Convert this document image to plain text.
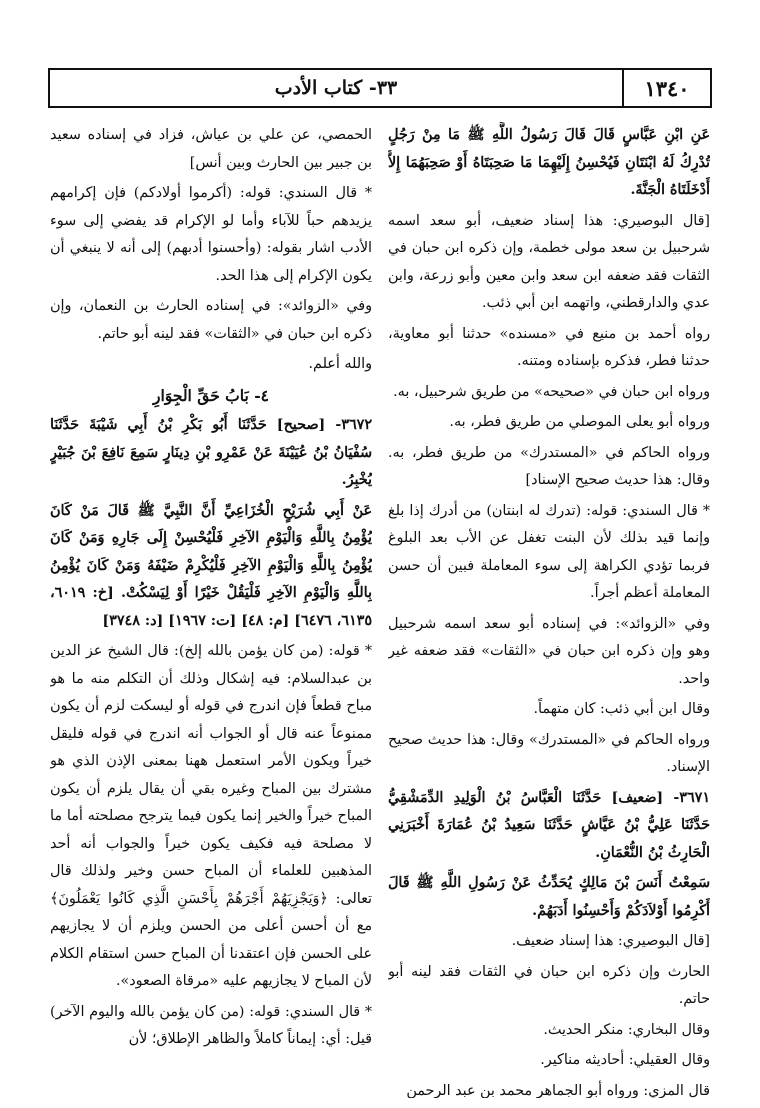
١٣٤٠
٣٣- كتاب الأدب

عَنِ ابْنِ عَبَّاسٍ قَالَ قَالَ رَسُولُ اللَّهِ ﷺ مَا مِنْ رَجُلٍ تُدْرِكُ لَهُ ابْنَتَانِ فَيُحْسِنُ إِلَيْهِمَا مَا صَحِبَتَاهُ أَوْ صَحِبَهُمَا إِلاَّ أَدْخَلَتَاهُ الْجَنَّةَ.

[قال البوصيري: هذا إسناد ضعيف، أبو سعد اسمه شرحبيل بن سعد مولى خطمة، وإن ذكره ابن حبان في الثقات فقد ضعفه ابن سعد وابن معين وأبو زرعة، وابن عدي والدارقطني، واتهمه ابن أبي ذئب.

رواه أحمد بن منيع في «مسنده» حدثنا أبو معاوية، حدثنا فطر، فذكره بإسناده ومتنه.

ورواه ابن حبان في «صحيحه» من طريق شرحبيل، به.

ورواه أبو يعلى الموصلي من طريق فطر، به.

ورواه الحاكم في «المستدرك» من طريق فطر، به. وقال: هذا حديث صحيح الإسناد]

* قال السندي: قوله: (تدرك له ابنتان) من أدرك إذا بلغ وإنما قيد بذلك لأن البنت تغفل عن الأب بعد البلوغ فربما تؤدي الكراهة إلى سوء المعاملة فبين أن حسن المعاملة أعظم أجراً.

وفي «الزوائد»: في إسناده أبو سعد اسمه شرحبيل وهو وإن ذكره ابن حبان في «الثقات» فقد ضعفه غير واحد.

وقال ابن أبي ذئب: كان متهماً.

ورواه الحاكم في «المستدرك» وقال: هذا حديث صحيح الإسناد.

٣٦٧١- [ضعيف] حَدَّثَنَا الْعَبَّاسُ بْنُ الْوَلِيدِ الدِّمَشْقِيُّ حَدَّثَنَا عَلِيُّ بْنُ عَيَّاشٍ حَدَّثَنَا سَعِيدُ بْنُ عُمَارَةَ أَخْبَرَنِي الْحَارِثُ بْنُ النُّعْمَانِ.

سَمِعْتُ أَنَسَ بْنَ مَالِكٍ يُحَدِّثُ عَنْ رَسُولِ اللَّهِ ﷺ قَالَ أَكْرِمُوا أَوْلاَدَكُمْ وَأَحْسِنُوا أَدَبَهُمْ.

[قال البوصيري: هذا إسناد ضعيف.

الحارث وإن ذكره ابن حبان في الثقات فقد لينه أبو حاتم.

وقال البخاري: منكر الحديث.

وقال العقيلي: أحاديثه مناكير.

قال المزي: ورواه أبو الجماهر محمد بن عبد الرحمن

الحمصي، عن علي بن عياش، فزاد في إسناده سعيد بن جبير بين الحارث وبين أنس]

* قال السندي: قوله: (أكرموا أولادكم) فإن إكرامهم يزيدهم حباً للآباء وأما لو الإكرام قد يفضي إلى سوء الأدب اشار بقوله: (وأحسنوا أدبهم) إلى أنه لا ينبغي أن يكون الإكرام إلى هذا الحد.

وفي «الزوائد»: في إسناده الحارث بن النعمان، وإن ذكره ابن حبان في «الثقات» فقد لينه أبو حاتم.

والله أعلم.

٤- بَابُ حَقِّ الْجِوَارِ

٣٦٧٢- [صحيح] حَدَّثَنَا أَبُو بَكْرِ بْنُ أَبِي شَيْبَةَ حَدَّثَنَا سُفْيَانُ بْنُ عُيَيْنَةَ عَنْ عَمْرِو بْنِ دِينَارٍ سَمِعَ نَافِعَ بْنَ جُبَيْرٍ يُخْبِرُ.

عَنْ أَبِي شُرَيْحٍ الْخُزَاعِيِّ أَنَّ النَّبِيَّ ﷺ قَالَ مَنْ كَانَ يُؤْمِنُ بِاللَّهِ وَالْيَوْمِ الآخِرِ فَلْيُحْسِنْ إِلَى جَارِهِ وَمَنْ كَانَ يُؤْمِنُ بِاللَّهِ وَالْيَوْمِ الآخِرِ فَلْيُكْرِمْ ضَيْفَهُ وَمَنْ كَانَ يُؤْمِنُ بِاللَّهِ وَالْيَوْمِ الآخِرِ فَلْيَقُلْ خَيْرًا أَوْ لِيَسْكُتْ. [خ: ٦٠١٩، ٦١٣٥، ٦٤٧٦] [م: ٤٨] [ت: ١٩٦٧] [د: ٣٧٤٨]

* قوله: (من كان يؤمن بالله إلخ): قال الشيخ عز الدين بن عبدالسلام: فيه إشكال وذلك أن التكلم منه ما هو مباح قطعاً فإن اندرج في قوله أو ليسكت لزم أن يكون ممنوعاً عنه قال أو الجواب أنه اندرج في قوله فليقل خيراً ويكون الأمر استعمل ههنا بمعنى الإذن الذي هو مشترك بين المباح وغيره بقي أن يقال يلزم أن يكون المباح خيراً والخير إنما يكون فيما يترجح مصلحته أما ما لا مصلحة فيه فكيف يكون خيراً والجواب أنه أحد المذهبين للعلماء أن المباح حسن وخير ولذلك قال تعالى: ﴿وَيَجْزِيَهُمْ أَجْرَهُمْ بِأَحْسَنِ الَّذِي كَانُوا يَعْمَلُونَ﴾ مع أن أحسن أعلى من الحسن ويلزم أن لا يجازيهم على الحسن فإن اعتقدنا أن المباح حسن استقام الكلام لأن المباح لا يجازيهم عليه «مرقاة الصعود».

* قال السندي: قوله: (من كان يؤمن بالله واليوم الآخر) قيل: أي: إيماناً كاملاً والظاهر الإطلاق؛ لأن
